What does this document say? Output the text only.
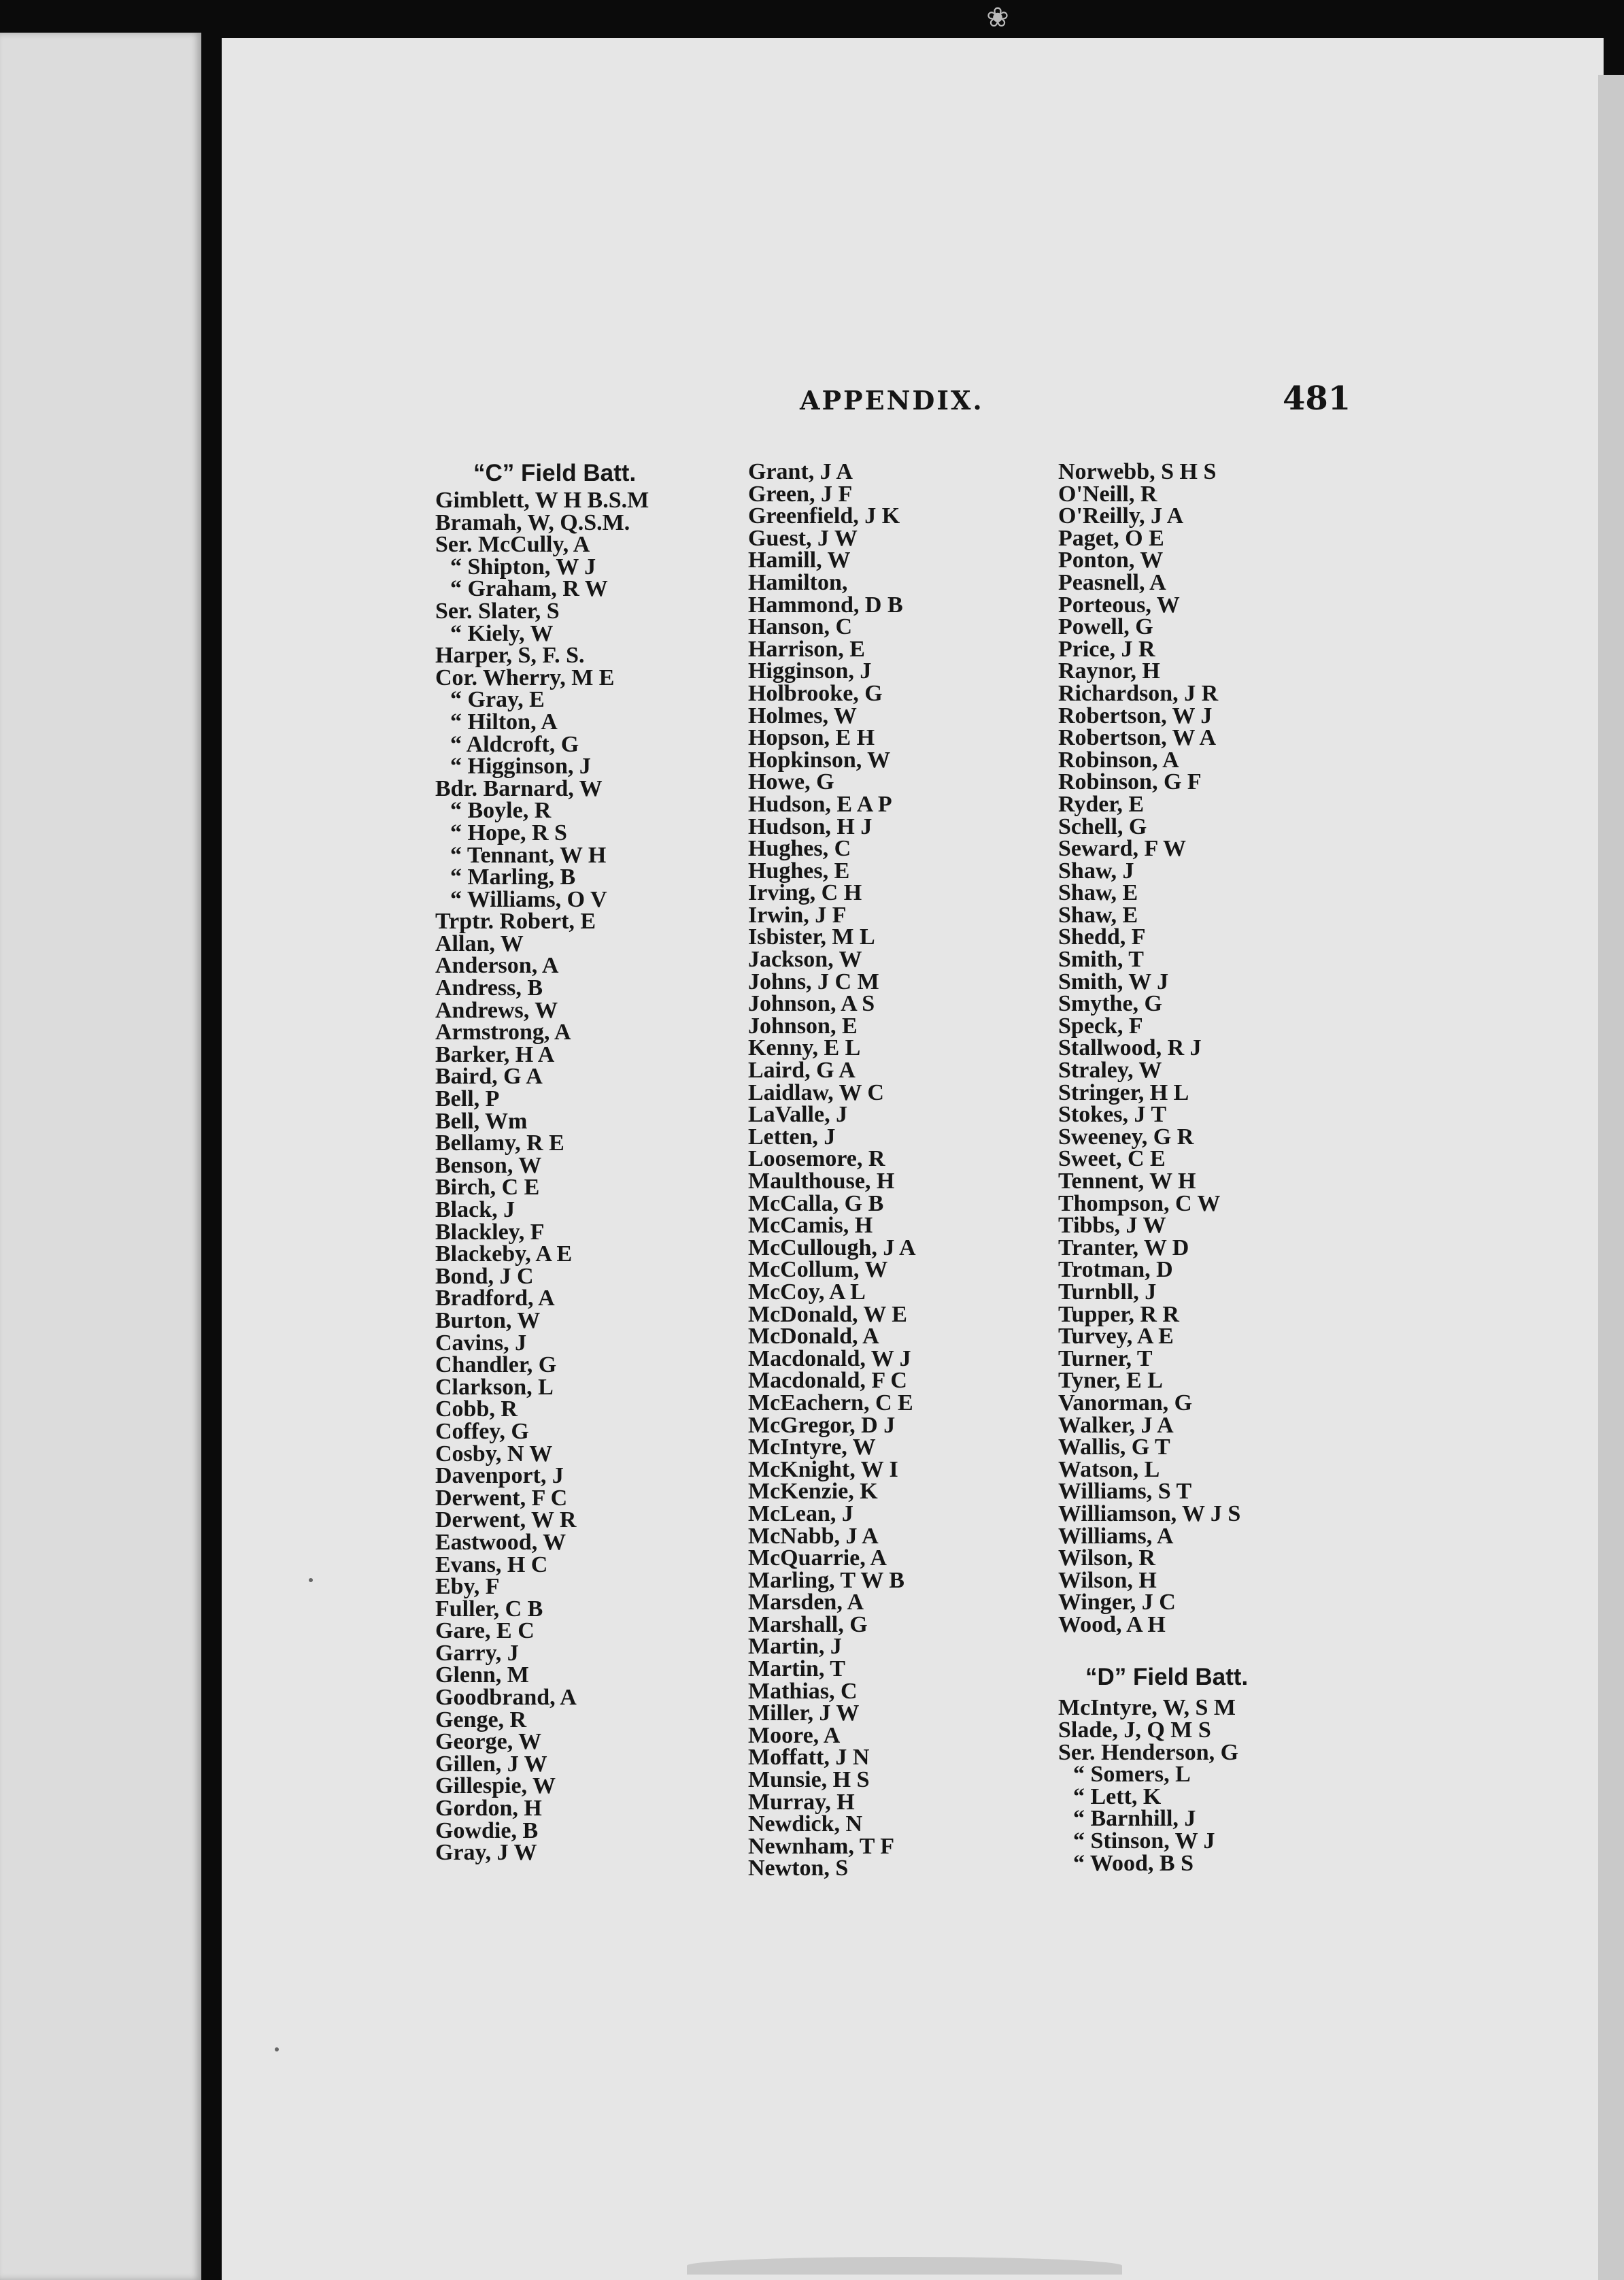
❀
APPENDIX.	481
“C” Field Batt.
Gimblett, W H B.S.M
Bramah, W, Q.S.M.
Ser. McCully, A
“ Shipton, W J
“ Graham, R W
Ser. Slater, S
“ Kiely, W
Harper, S, F. S.
Cor. Wherry, M E
“ Gray, E
“ Hilton, A
“ Aldcroft, G
“ Higginson, J
Bdr. Barnard, W
“ Boyle, R
“ Hope, R S
“ Tennant, W H
“ Marling, B
“ Williams, O V
Trptr. Robert, E
Allan, W
Anderson, A
Andress, B
Andrews, W
Armstrong, A
Barker, H A
Baird, G A
Bell, P
Bell, Wm
Bellamy, R E
Benson, W
Birch, C E
Black, J
Blackley, F
Blackeby, A E
Bond, J C
Bradford, A
Burton, W
Cavins, J
Chandler, G
Clarkson, L
Cobb, R
Coffey, G
Cosby, N W
Davenport, J
Derwent, F C
Derwent, W R
Eastwood, W
Evans, H C
Eby, F
Fuller, C B
Gare, E C
Garry, J
Glenn, M
Goodbrand, A
Genge, R
George, W
Gillen, J W
Gillespie, W
Gordon, H
Gowdie, B
Gray, J W
Grant, J A
Green, J F
Greenfield, J K
Guest, J W
Hamill, W
Hamilton,
Hammond, D B
Hanson, C
Harrison, E
Higginson, J
Holbrooke, G
Holmes, W
Hopson, E H
Hopkinson, W
Howe, G
Hudson, E A P
Hudson, H J
Hughes, C
Hughes, E
Irving, C H
Irwin, J F
Isbister, M L
Jackson, W
Johns, J C M
Johnson, A S
Johnson, E
Kenny, E L
Laird, G A
Laidlaw, W C
LaValle, J
Letten, J
Loosemore, R
Maulthouse, H
McCalla, G B
McCamis, H
McCullough, J A
McCollum, W
McCoy, A L
McDonald, W E
McDonald, A
Macdonald, W J
Macdonald, F C
McEachern, C E
McGregor, D J
McIntyre, W
McKnight, W I
McKenzie, K
McLean, J
McNabb, J A
McQuarrie, A
Marling, T W B
Marsden, A
Marshall, G
Martin, J
Martin, T
Mathias, C
Miller, J W
Moore, A
Moffatt, J N
Munsie, H S
Murray, H
Newdick, N
Newnham, T F
Newton, S
Norwebb, S H S
O'Neill, R
O'Reilly, J A
Paget, O E
Ponton, W
Peasnell, A
Porteous, W
Powell, G
Price, J R
Raynor, H
Richardson, J R
Robertson, W J
Robertson, W A
Robinson, A
Robinson, G F
Ryder, E
Schell, G
Seward, F W
Shaw, J
Shaw, E
Shaw, E
Shedd, F
Smith, T
Smith, W J
Smythe, G
Speck, F
Stallwood, R J
Straley, W
Stringer, H L
Stokes, J T
Sweeney, G R
Sweet, C E
Tennent, W H
Thompson, C W
Tibbs, J W
Tranter, W D
Trotman, D
Turnbll, J
Tupper, R R
Turvey, A E
Turner, T
Tyner, E L
Vanorman, G
Walker, J A
Wallis, G T
Watson, L
Williams, S T
Williamson, W J S
Williams, A
Wilson, R
Wilson, H
Winger, J C
Wood, A H
“D” Field Batt.
McIntyre, W, S M
Slade, J, Q M S
Ser. Henderson, G
“ Somers, L
“ Lett, K
“ Barnhill, J
“ Stinson, W J
“ Wood, B S
